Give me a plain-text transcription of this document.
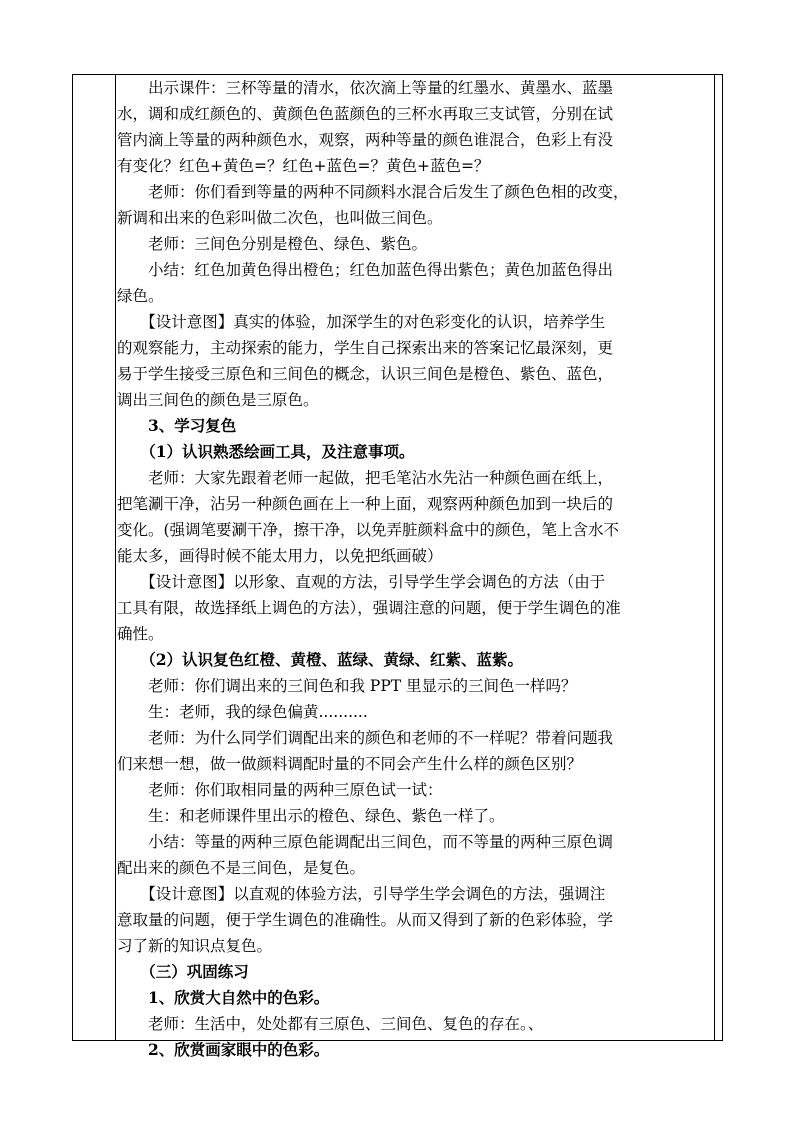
　　出示课件：三杯等量的清水，依次滴上等量的红墨水、黄墨水、蓝墨
水，调和成红颜色的、黄颜色色蓝颜色的三杯水再取三支试管，分别在试
管内滴上等量的两种颜色水，观察，两种等量的颜色谁混合，色彩上有没
有变化？红色+黄色=？红色+蓝色=？黄色+蓝色=？
　　老师：你们看到等量的两种不同颜料水混合后发生了颜色色相的改变，
新调和出来的色彩叫做二次色，也叫做三间色。
　　老师：三间色分别是橙色、绿色、紫色。
　　小结：红色加黄色得出橙色；红色加蓝色得出紫色；黄色加蓝色得出
绿色。
　　【设计意图】真实的体验，加深学生的对色彩变化的认识，培养学生
的观察能力，主动探索的能力，学生自己探索出来的答案记忆最深刻，更
易于学生接受三原色和三间色的概念，认识三间色是橙色、紫色、蓝色，
调出三间色的颜色是三原色。
　　3、学习复色
　　（1）认识熟悉绘画工具，及注意事项。
　　老师：大家先跟着老师一起做，把毛笔沾水先沾一种颜色画在纸上，
把笔涮干净，沾另一种颜色画在上一种上面，观察两种颜色加到一块后的
变化。(强调笔要涮干净，擦干净，以免弄脏颜料盒中的颜色，笔上含水不
能太多，画得时候不能太用力，以免把纸画破）
　　【设计意图】以形象、直观的方法，引导学生学会调色的方法（由于
工具有限，故选择纸上调色的方法），强调注意的问题，便于学生调色的准
确性。
　　（2）认识复色红橙、黄橙、蓝绿、黄绿、红紫、蓝紫。
　　老师：你们调出来的三间色和我 PPT 里显示的三间色一样吗？
　　生：老师，我的绿色偏黄..........
　　老师：为什么同学们调配出来的颜色和老师的不一样呢？带着问题我
们来想一想，做一做颜料调配时量的不同会产生什么样的颜色区别？
　　老师：你们取相同量的两种三原色试一试：
　　生：和老师课件里出示的橙色、绿色、紫色一样了。
　　小结：等量的两种三原色能调配出三间色，而不等量的两种三原色调
配出来的颜色不是三间色，是复色。
　　【设计意图】以直观的体验方法，引导学生学会调色的方法，强调注
意取量的问题，便于学生调色的准确性。从而又得到了新的色彩体验，学
习了新的知识点复色。
　　（三）巩固练习
　　1、欣赏大自然中的色彩。
　　老师：生活中，处处都有三原色、三间色、复色的存在。、
　　2、欣赏画家眼中的色彩。
